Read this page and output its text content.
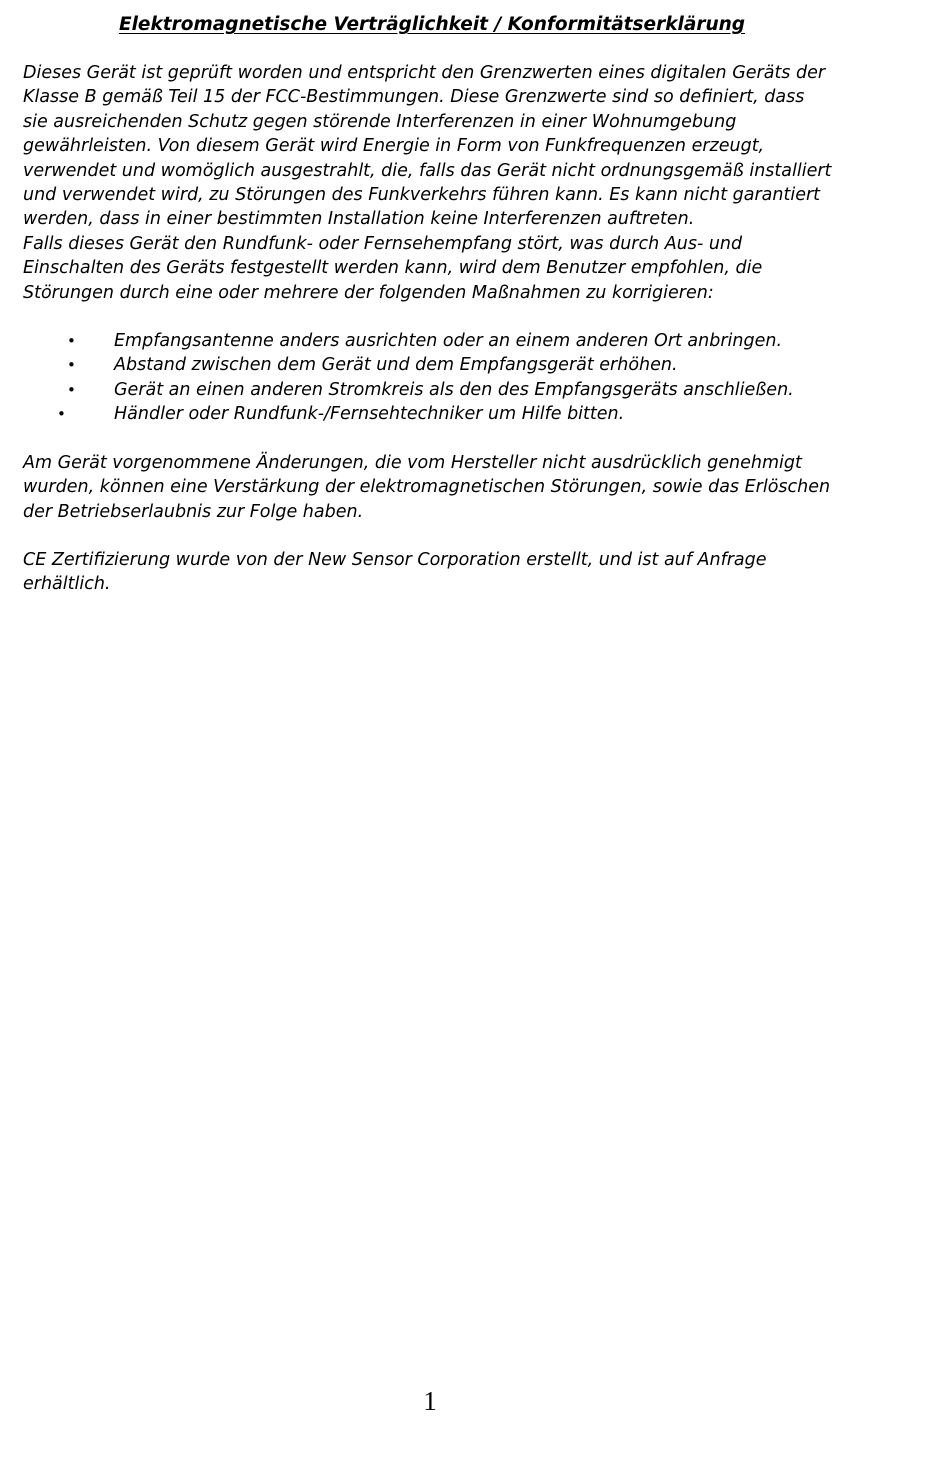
Elektromagnetische Verträglichkeit / Konformitätserklärung

Dieses Gerät ist geprüft worden und entspricht den Grenzwerten eines digitalen Geräts der
Klasse B gemäß Teil 15 der FCC-Bestimmungen. Diese Grenzwerte sind so definiert, dass
sie ausreichenden Schutz gegen störende Interferenzen in einer Wohnumgebung
gewährleisten. Von diesem Gerät wird Energie in Form von Funkfrequenzen erzeugt,
verwendet und womöglich ausgestrahlt, die, falls das Gerät nicht ordnungsgemäß installiert
und verwendet wird, zu Störungen des Funkverkehrs führen kann. Es kann nicht garantiert
werden, dass in einer bestimmten Installation keine Interferenzen auftreten.
Falls dieses Gerät den Rundfunk- oder Fernsehempfang stört, was durch Aus- und
Einschalten des Geräts festgestellt werden kann, wird dem Benutzer empfohlen, die
Störungen durch eine oder mehrere der folgenden Maßnahmen zu korrigieren:

• Empfangsantenne anders ausrichten oder an einem anderen Ort anbringen.
• Abstand zwischen dem Gerät und dem Empfangsgerät erhöhen.
• Gerät an einen anderen Stromkreis als den des Empfangsgeräts anschließen.
•	Händler oder Rundfunk-/Fernsehtechniker um Hilfe bitten.

Am Gerät vorgenommene Änderungen, die vom Hersteller nicht ausdrücklich genehmigt
wurden, können eine Verstärkung der elektromagnetischen Störungen, sowie das Erlöschen
der Betriebserlaubnis zur Folge haben.

CE Zertifizierung wurde von der New Sensor Corporation erstellt, und ist auf Anfrage
erhältlich.

1
